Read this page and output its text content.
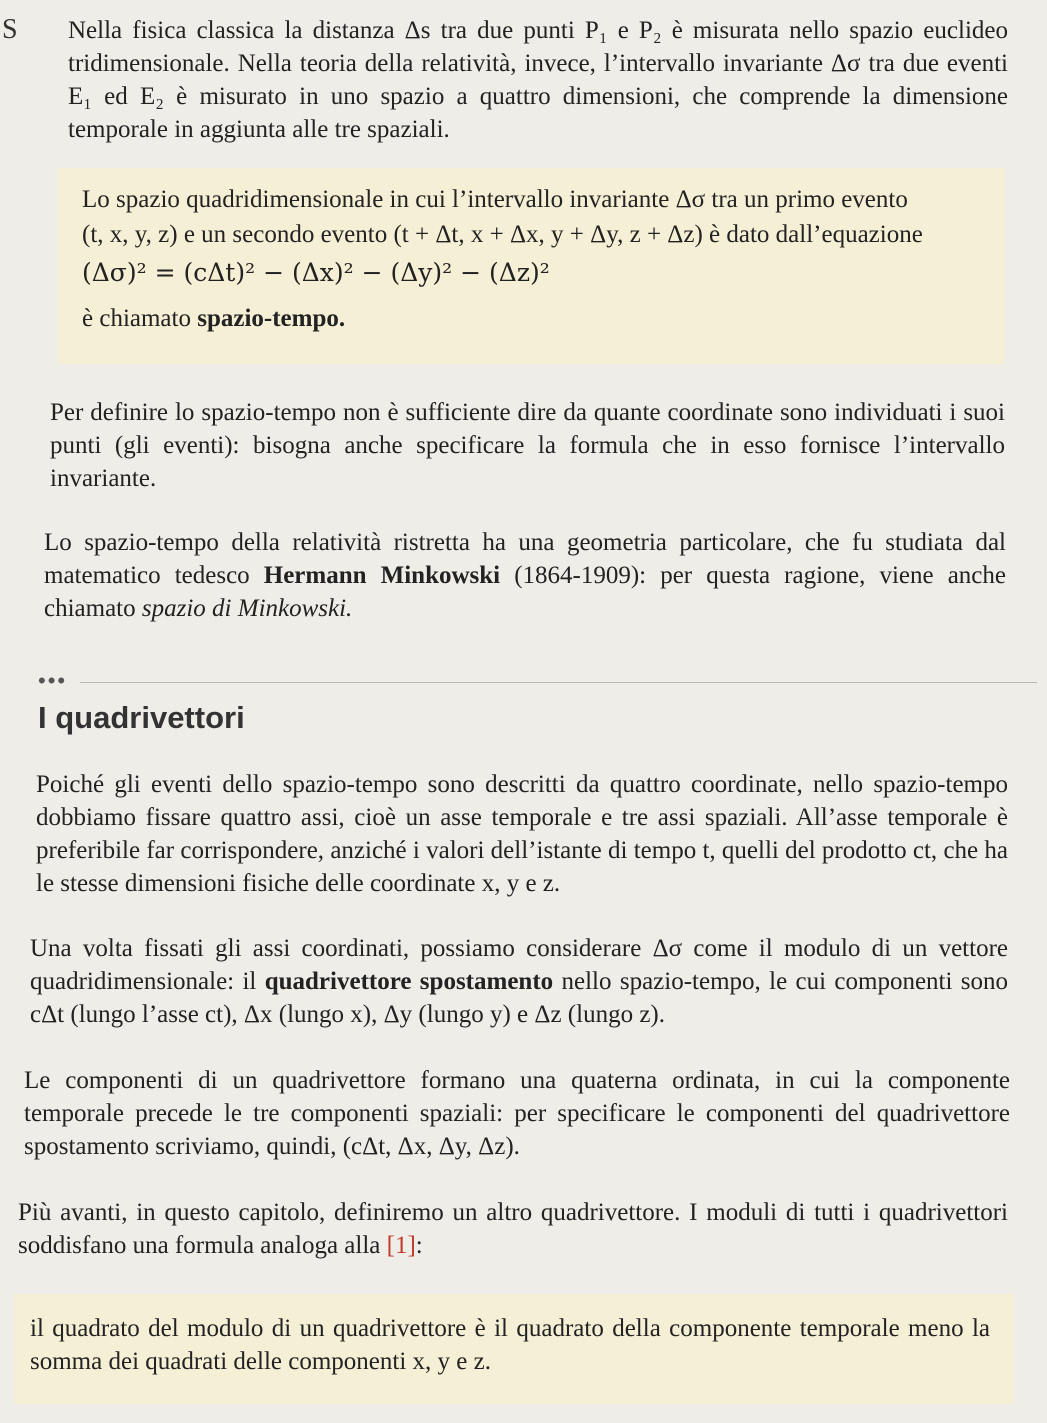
S Nella fisica classica la distanza Δs tra due punti P₁ e P₂ è misurata nello spazio euclideo tridimensionale. Nella teoria della relatività, invece, l’intervallo invariante Δσ tra due eventi E₁ ed E₂ è misurato in uno spazio a quattro dimensioni, che comprende la dimensione temporale in aggiunta alle tre spaziali.

Lo spazio quadridimensionale in cui l’intervallo invariante Δσ tra un primo evento

(t, x, y, z) e un secondo evento (t + Δt, x + Δx, y + Δy, z + Δz) è dato dall’equazione

(Δσ)² = (cΔt)² − (Δx)² − (Δy)² − (Δz)²

è chiamato spazio-tempo.

Per definire lo spazio-tempo non è sufficiente dire da quante coordinate sono individuati i suoi punti (gli eventi): bisogna anche specificare la formula che in esso fornisce l’intervallo invariante.

Lo spazio-tempo della relatività ristretta ha una geometria particolare, che fu studiata dal matematico tedesco Hermann Minkowski (1864-1909): per questa ragione, viene anche chiamato spazio di Minkowski.

•••
I quadrivettori

Poiché gli eventi dello spazio-tempo sono descritti da quattro coordinate, nello spazio-tempo dobbiamo fissare quattro assi, cioè un asse temporale e tre assi spaziali. All’asse temporale è preferibile far corrispondere, anziché i valori dell’istante di tempo t, quelli del prodotto ct, che ha le stesse dimensioni fisiche delle coordinate x, y e z.

Una volta fissati gli assi coordinati, possiamo considerare Δσ come il modulo di un vettore quadridimensionale: il quadrivettore spostamento nello spazio-tempo, le cui componenti sono cΔt (lungo l’asse ct), Δx (lungo x), Δy (lungo y) e Δz (lungo z).

Le componenti di un quadrivettore formano una quaterna ordinata, in cui la componente temporale precede le tre componenti spaziali: per specificare le componenti del quadrivettore spostamento scriviamo, quindi, (cΔt, Δx, Δy, Δz).

Più avanti, in questo capitolo, definiremo un altro quadrivettore. I moduli di tutti i quadrivettori soddisfano una formula analoga alla [1]:

il quadrato del modulo di un quadrivettore è il quadrato della componente temporale meno la somma dei quadrati delle componenti x, y e z.
